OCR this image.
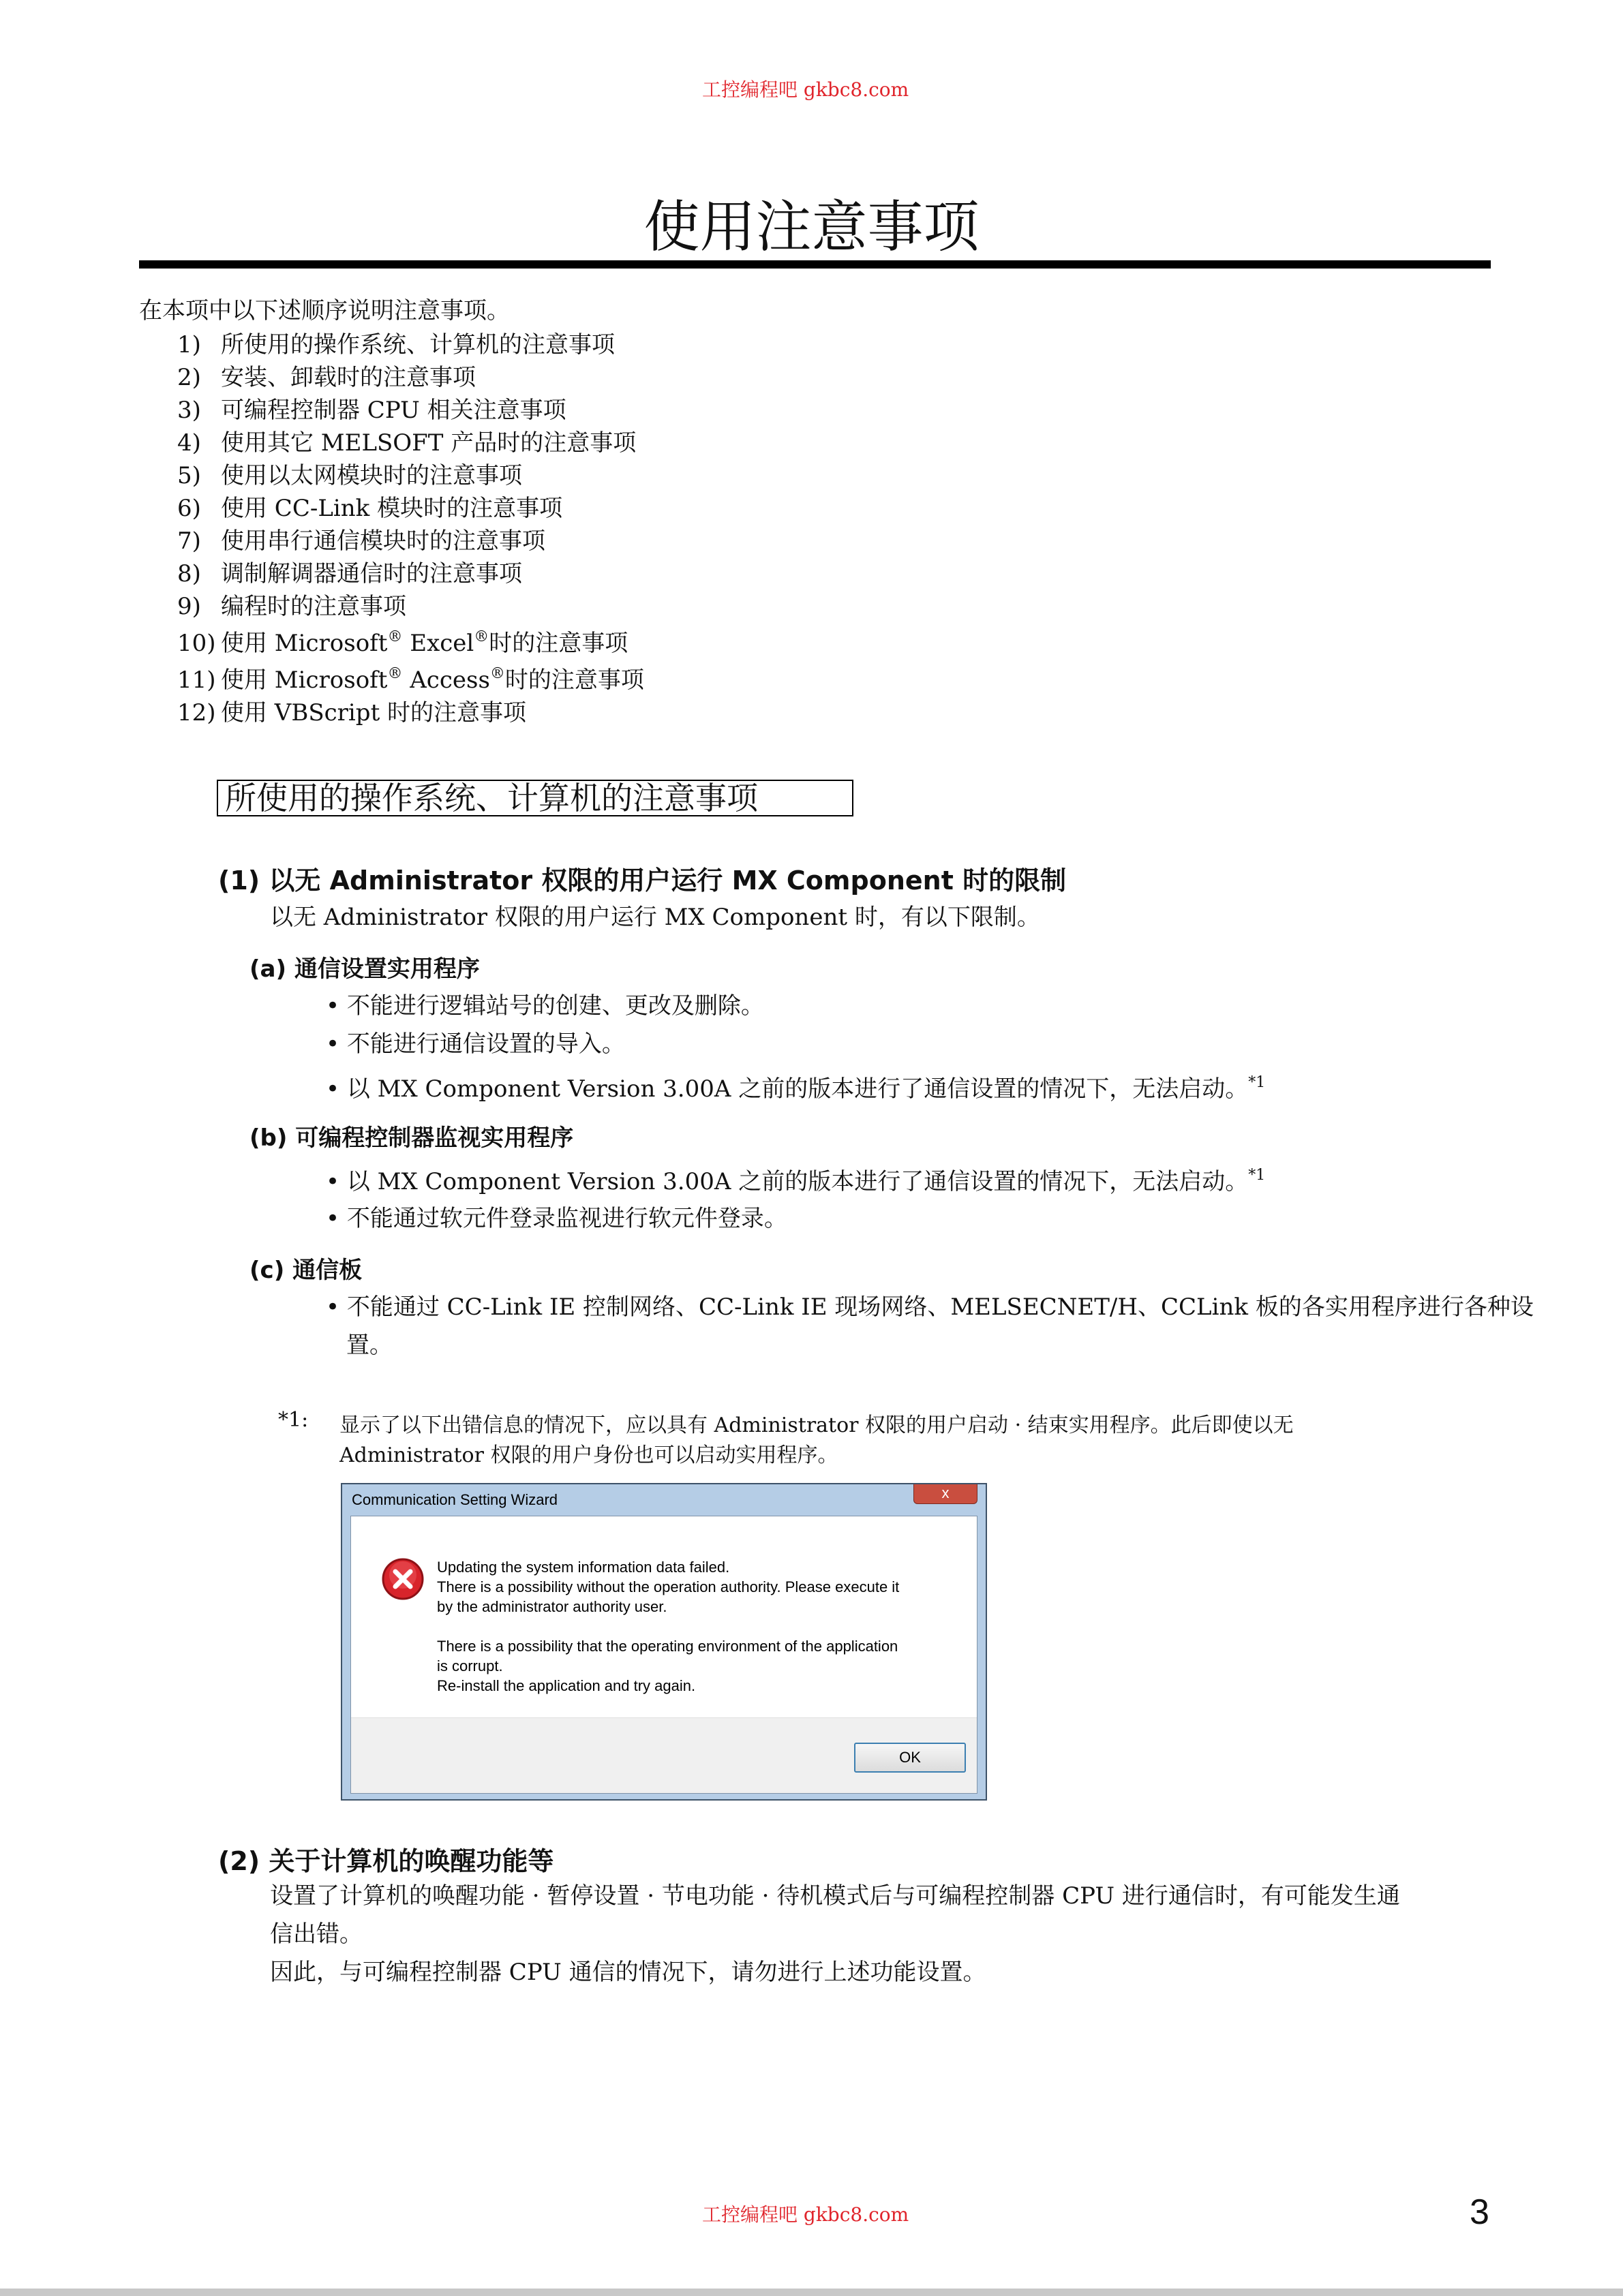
工控编程吧 gkbc8.com
使用注意事项
在本项中以下述顺序说明注意事项。
1) 所使用的操作系统、计算机的注意事项
2) 安装、卸载时的注意事项
3) 可编程控制器 CPU 相关注意事项
4) 使用其它 MELSOFT 产品时的注意事项
5) 使用以太网模块时的注意事项
6) 使用 CC-Link 模块时的注意事项
7) 使用串行通信模块时的注意事项
8) 调制解调器通信时的注意事项
9) 编程时的注意事项
10) 使用 Microsoft® Excel®时的注意事项
11) 使用 Microsoft® Access®时的注意事项
12) 使用 VBScript 时的注意事项
所使用的操作系统、计算机的注意事项
(1) 以无 Administrator 权限的用户运行 MX Component 时的限制
以无 Administrator 权限的用户运行 MX Component 时，有以下限制。
(a) 通信设置实用程序
• 不能进行逻辑站号的创建、更改及删除。
• 不能进行通信设置的导入。
• 以 MX Component Version 3.00A 之前的版本进行了通信设置的情况下，无法启动。$^{*1}$
(b) 可编程控制器监视实用程序
• 以 MX Component Version 3.00A 之前的版本进行了通信设置的情况下，无法启动。$^{*1}$
• 不能通过软元件登录监视进行软元件登录。
(c) 通信板
• 不能通过 CC-Link IE 控制网络、CC-Link IE 现场网络、MELSECNET/H、CCLink 板的各实用程序进行各种设
置。
*1: 显示了以下出错信息的情况下，应以具有 Administrator 权限的用户启动 · 结束实用程序。此后即使以无
Administrator 权限的用户身份也可以启动实用程序。
Communication Setting Wizard	x
Updating the system information data failed.
There is a possibility without the operation authority. Please execute it
by the administrator authority user.
There is a possibility that the operating environment of the application
is corrupt.
Re-install the application and try again.
OK
(2) 关于计算机的唤醒功能等
设置了计算机的唤醒功能 · 暂停设置 · 节电功能 · 待机模式后与可编程控制器 CPU 进行通信时，有可能发生通
信出错。
因此，与可编程控制器 CPU 通信的情况下，请勿进行上述功能设置。
工控编程吧 gkbc8.com	3
